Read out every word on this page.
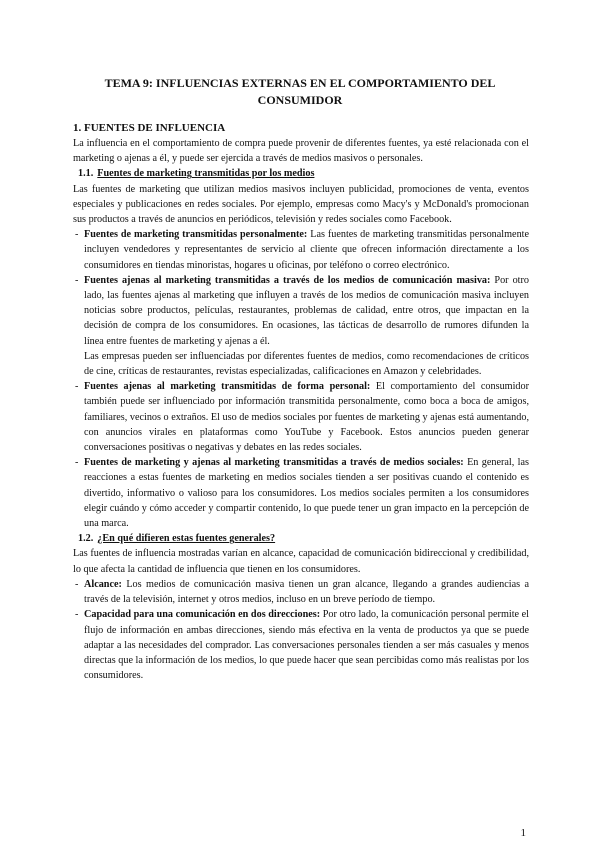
TEMA 9: INFLUENCIAS EXTERNAS EN EL COMPORTAMIENTO DEL CONSUMIDOR
1. FUENTES DE INFLUENCIA

La influencia en el comportamiento de compra puede provenir de diferentes fuentes, ya esté relacionada con el marketing o ajenas a él, y puede ser ejercida a través de medios masivos o personales.

1.1. Fuentes de marketing transmitidas por los medios

Las fuentes de marketing que utilizan medios masivos incluyen publicidad, promociones de venta, eventos especiales y publicaciones en redes sociales. Por ejemplo, empresas como Macy's y McDonald's promocionan sus productos a través de anuncios en periódicos, televisión y redes sociales como Facebook.

- Fuentes de marketing transmitidas personalmente: Las fuentes de marketing transmitidas personalmente incluyen vendedores y representantes de servicio al cliente que ofrecen información directamente a los consumidores en tiendas minoristas, hogares u oficinas, por teléfono o correo electrónico.
- Fuentes ajenas al marketing transmitidas a través de los medios de comunicación masiva: Por otro lado, las fuentes ajenas al marketing que influyen a través de los medios de comunicación masiva incluyen noticias sobre productos, películas, restaurantes, problemas de calidad, entre otros, que impactan en la decisión de compra de los consumidores. En ocasiones, las tácticas de desarrollo de rumores difunden la línea entre fuentes de marketing y ajenas a él.

Las empresas pueden ser influenciadas por diferentes fuentes de medios, como recomendaciones de críticos de cine, críticas de restaurantes, revistas especializadas, calificaciones en Amazon y celebridades.

- Fuentes ajenas al marketing transmitidas de forma personal: El comportamiento del consumidor también puede ser influenciado por información transmitida personalmente, como boca a boca de amigos, familiares, vecinos o extraños. El uso de medios sociales por fuentes de marketing y ajenas está aumentando, con anuncios virales en plataformas como YouTube y Facebook. Estos anuncios pueden generar conversaciones positivas o negativas y debates en las redes sociales.
- Fuentes de marketing y ajenas al marketing transmitidas a través de medios sociales: En general, las reacciones a estas fuentes de marketing en medios sociales tienden a ser positivas cuando el contenido es divertido, informativo o valioso para los consumidores. Los medios sociales permiten a los consumidores elegir cuándo y cómo acceder y compartir contenido, lo que puede tener un gran impacto en la percepción de una marca.
1.2. ¿En qué difieren estas fuentes generales?

Las fuentes de influencia mostradas varían en alcance, capacidad de comunicación bidireccional y credibilidad, lo que afecta la cantidad de influencia que tienen en los consumidores.

- Alcance: Los medios de comunicación masiva tienen un gran alcance, llegando a grandes audiencias a través de la televisión, internet y otros medios, incluso en un breve período de tiempo.
- Capacidad para una comunicación en dos direcciones: Por otro lado, la comunicación personal permite el flujo de información en ambas direcciones, siendo más efectiva en la venta de productos ya que se puede adaptar a las necesidades del comprador. Las conversaciones personales tienden a ser más casuales y menos directas que la información de los medios, lo que puede hacer que sean percibidas como más realistas por los consumidores.
1
